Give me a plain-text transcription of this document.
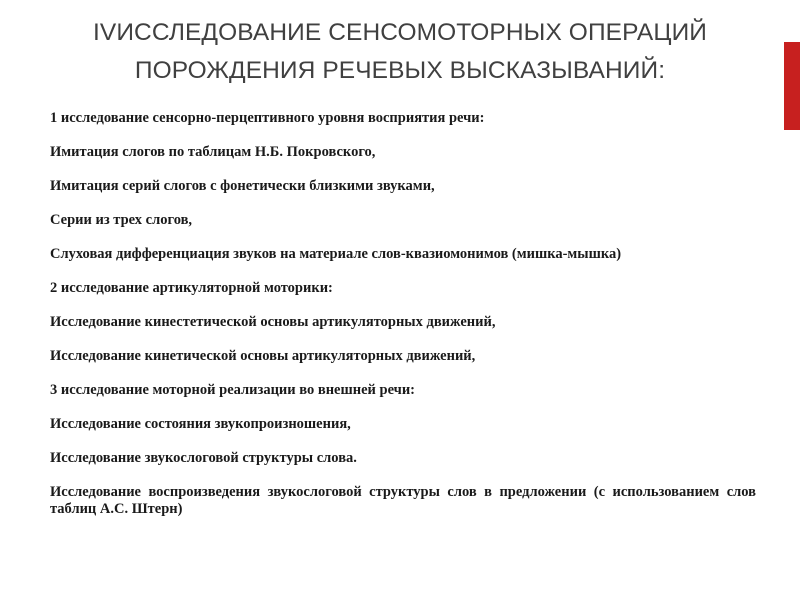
IVИССЛЕДОВАНИЕ СЕНСОМОТОРНЫХ ОПЕРАЦИЙ
ПОРОЖДЕНИЯ РЕЧЕВЫХ ВЫСКАЗЫВАНИЙ:
1 исследование сенсорно-перцептивного уровня восприятия речи:
Имитация слогов по таблицам Н.Б. Покровского,
Имитация серий слогов с фонетически близкими звуками,
Серии из трех слогов,
Слуховая дифференциация звуков на материале слов-квазиомонимов (мишка-мышка)
2 исследование артикуляторной моторики:
Исследование кинестетической основы артикуляторных движений,
Исследование кинетической основы артикуляторных движений,
3 исследование моторной реализации во внешней речи:
Исследование состояния звукопроизношения,
Исследование звукослоговой структуры слова.
Исследование воспроизведения звукослоговой структуры слов в предложении (с использованием слов таблиц А.С. Штерн)
